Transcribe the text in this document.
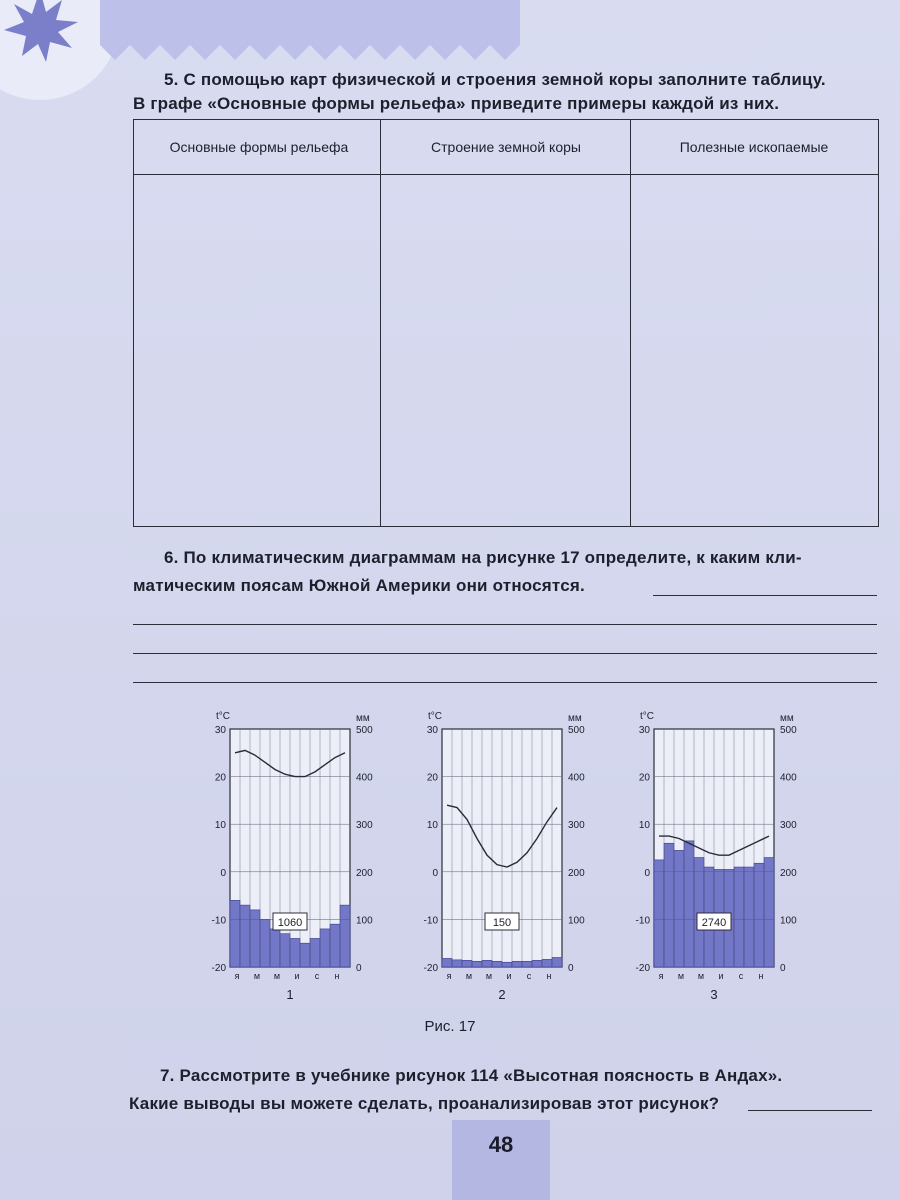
5. С помощью карт физической и строения земной коры заполните таблицу.
В графе «Основные формы рельефа» приведите примеры каждой из них.
Основные формы рельефа	Строение земной коры	Полезные ископаемые
6. По климатическим диаграммам на рисунке 17 определите, к каким кли-
матическим поясам Южной Америки они относятся.
30
20
10
0
-10
-20
500
400
300
200
100
0
t°C	мм
я м м и с н
1060
1
30
20
10
0
-10
-20
500
400
300
200
100
0
t°C	мм
я м м и с н
150
2
30
20
10
0
-10
-20
500
400
300
200
100
0
t°C	мм
я м м и с н
2740
3
Рис. 17
7. Рассмотрите в учебнике рисунок 114 «Высотная поясность в Андах».
Какие выводы вы можете сделать, проанализировав этот рисунок?
48
